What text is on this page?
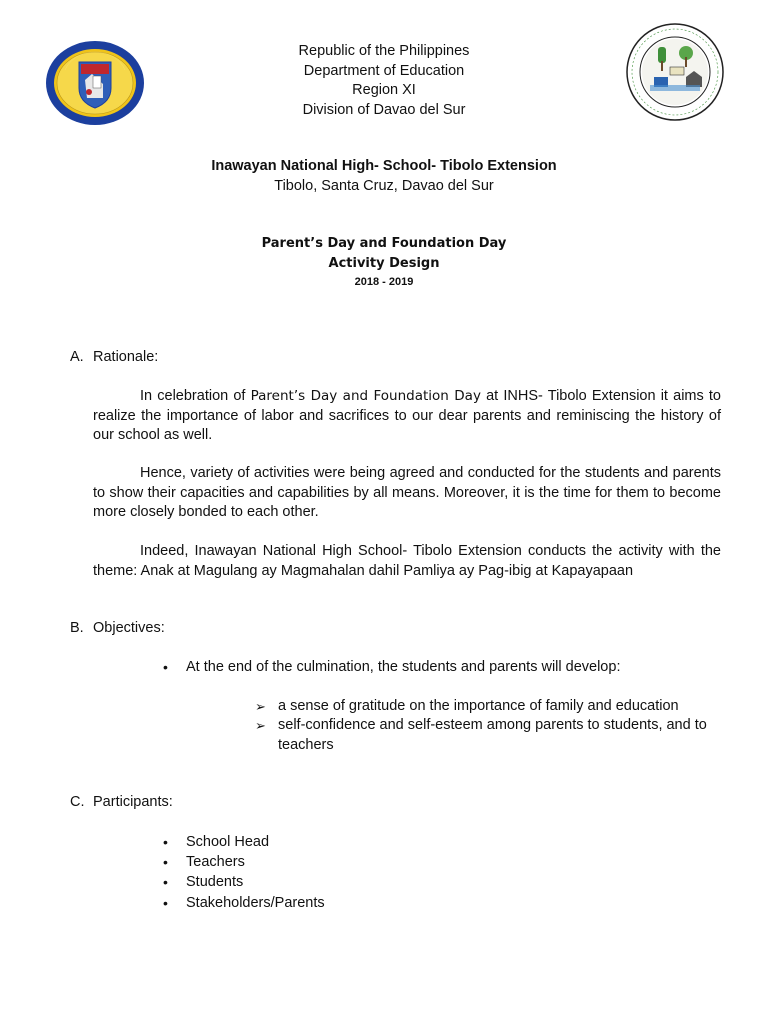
Republic of the Philippines
Department of Education
Region XI
Division of Davao del Sur
Inawayan National High- School- Tibolo Extension
Tibolo, Santa Cruz, Davao del Sur
Parent’s Day and Foundation Day
Activity Design
2018 - 2019
A. Rationale:
In celebration of Parent’s Day and Foundation Day at INHS- Tibolo Extension it aims to realize the importance of labor and sacrifices to our dear parents and reminiscing the history of our school as well.
Hence, variety of activities were being agreed and conducted for the students and parents to show their capacities and capabilities by all means. Moreover, it is the time for them to become more closely bonded to each other.
Indeed, Inawayan National High School- Tibolo Extension conducts the activity with the theme: Anak at Magulang ay Magmahalan dahil Pamliya ay Pag-ibig at Kapayapaan
B. Objectives:
• At the end of the culmination, the students and parents will develop:
➢ a sense of gratitude on the importance of family and education
➢ self-confidence and self-esteem among parents to students, and to teachers
C. Participants:
• School Head
• Teachers
• Students
• Stakeholders/Parents
